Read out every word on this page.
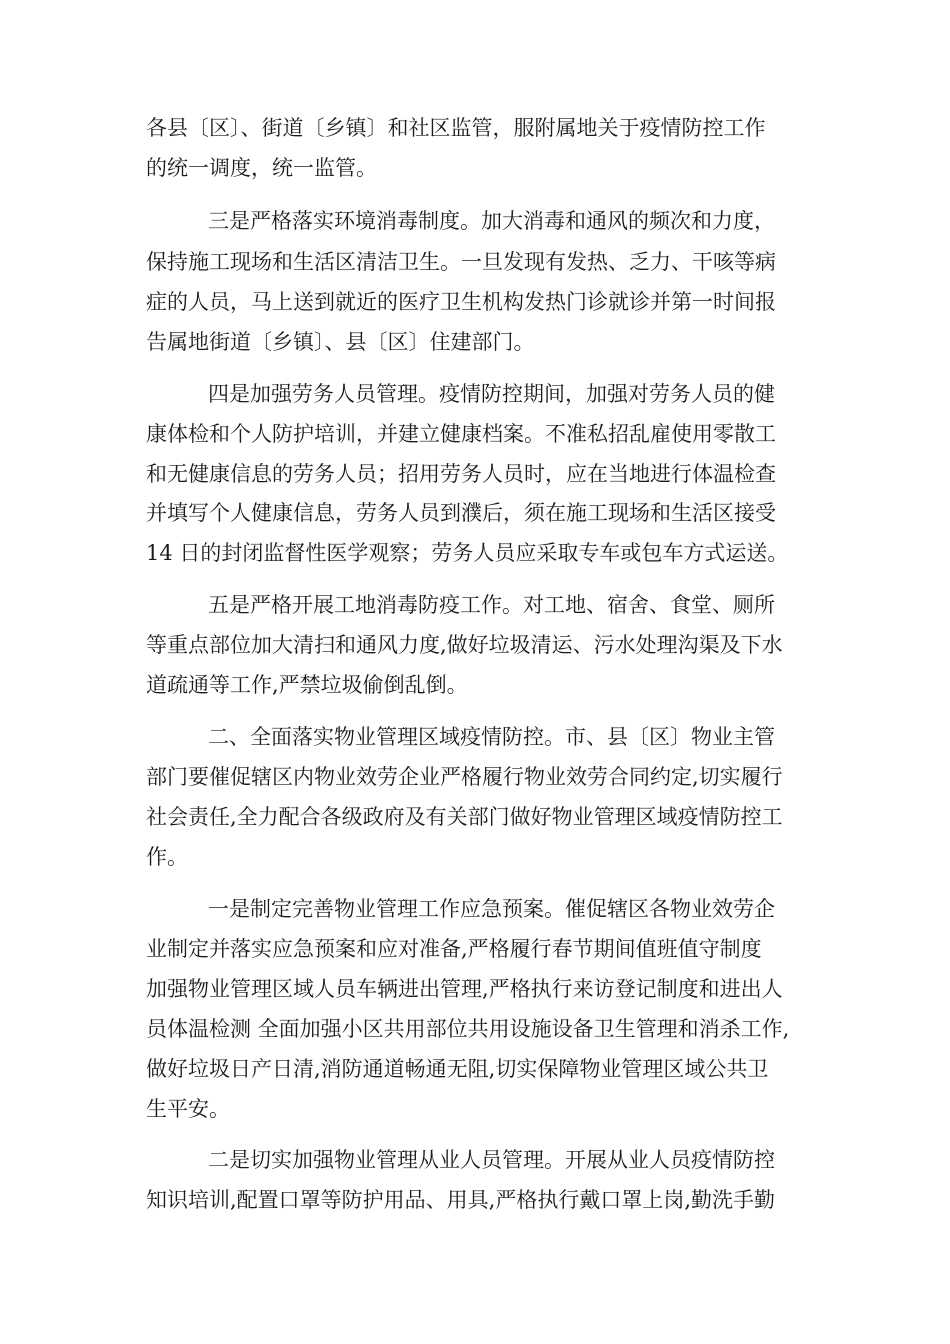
各县〔区〕、街道〔乡镇〕和社区监管，服附属地关于疫情防控工作
的统一调度，统一监管。
三是严格落实环境消毒制度。加大消毒和通风的频次和力度，
保持施工现场和生活区清洁卫生。一旦发现有发热、乏力、干咳等病
症的人员，马上送到就近的医疗卫生机构发热门诊就诊并第一时间报
告属地街道〔乡镇〕、县〔区〕住建部门。
四是加强劳务人员管理。疫情防控期间，加强对劳务人员的健
康体检和个人防护培训，并建立健康档案。不准私招乱雇使用零散工
和无健康信息的劳务人员；招用劳务人员时，应在当地进行体温检查
并填写个人健康信息，劳务人员到濮后，须在施工现场和生活区接受
14 日的封闭监督性医学观察；劳务人员应采取专车或包车方式运送。
五是严格开展工地消毒防疫工作。对工地、宿舍、食堂、厕所
等重点部位加大清扫和通风力度,做好垃圾清运、污水处理沟渠及下水
道疏通等工作,严禁垃圾偷倒乱倒。
二、全面落实物业管理区域疫情防控。市、县〔区〕物业主管
部门要催促辖区内物业效劳企业严格履行物业效劳合同约定,切实履行
社会责任,全力配合各级政府及有关部门做好物业管理区域疫情防控工
作。
一是制定完善物业管理工作应急预案。催促辖区各物业效劳企
业制定并落实应急预案和应对准备,严格履行春节期间值班值守制度
加强物业管理区域人员车辆进出管理,严格执行来访登记制度和进出人
员体温检测 全面加强小区共用部位共用设施设备卫生管理和消杀工作,
做好垃圾日产日清,消防通道畅通无阻,切实保障物业管理区域公共卫
生平安。
二是切实加强物业管理从业人员管理。开展从业人员疫情防控
知识培训,配置口罩等防护用品、用具,严格执行戴口罩上岗,勤洗手勤
